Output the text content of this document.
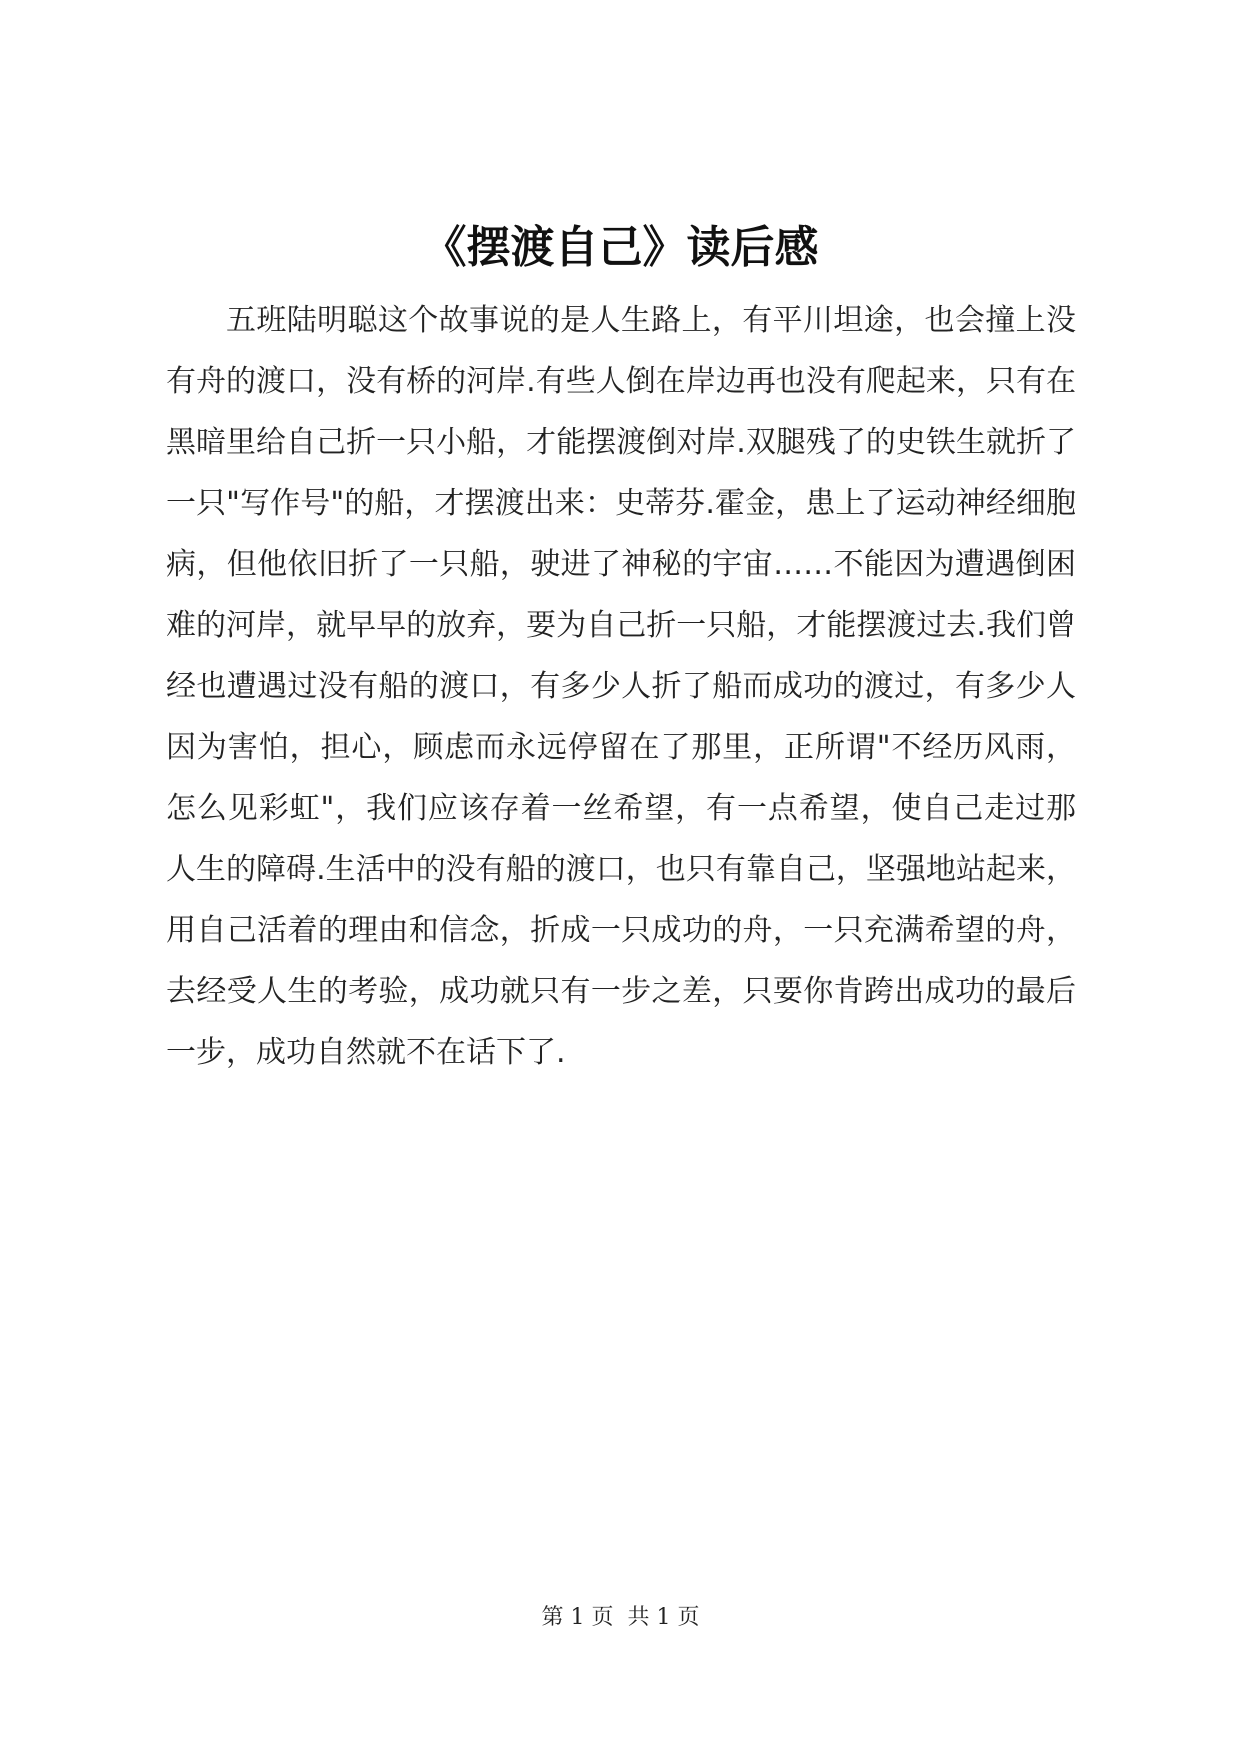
《摆渡自己》读后感

五班陆明聪这个故事说的是人生路上，有平川坦途，也会撞上没有舟的渡口，没有桥的河岸.有些人倒在岸边再也没有爬起来，只有在黑暗里给自己折一只小船，才能摆渡倒对岸.双腿残了的史铁生就折了一只"写作号"的船，才摆渡出来：史蒂芬.霍金，患上了运动神经细胞病，但他依旧折了一只船，驶进了神秘的宇宙……不能因为遭遇倒困难的河岸，就早早的放弃，要为自己折一只船，才能摆渡过去.我们曾经也遭遇过没有船的渡口，有多少人折了船而成功的渡过，有多少人因为害怕，担心，顾虑而永远停留在了那里，正所谓"不经历风雨，怎么见彩虹"，我们应该存着一丝希望，有一点希望，使自己走过那人生的障碍.生活中的没有船的渡口，也只有靠自己，坚强地站起来，用自己活着的理由和信念，折成一只成功的舟，一只充满希望的舟，去经受人生的考验，成功就只有一步之差，只要你肯跨出成功的最后一步，成功自然就不在话下了.

第 1 页 共 1 页
